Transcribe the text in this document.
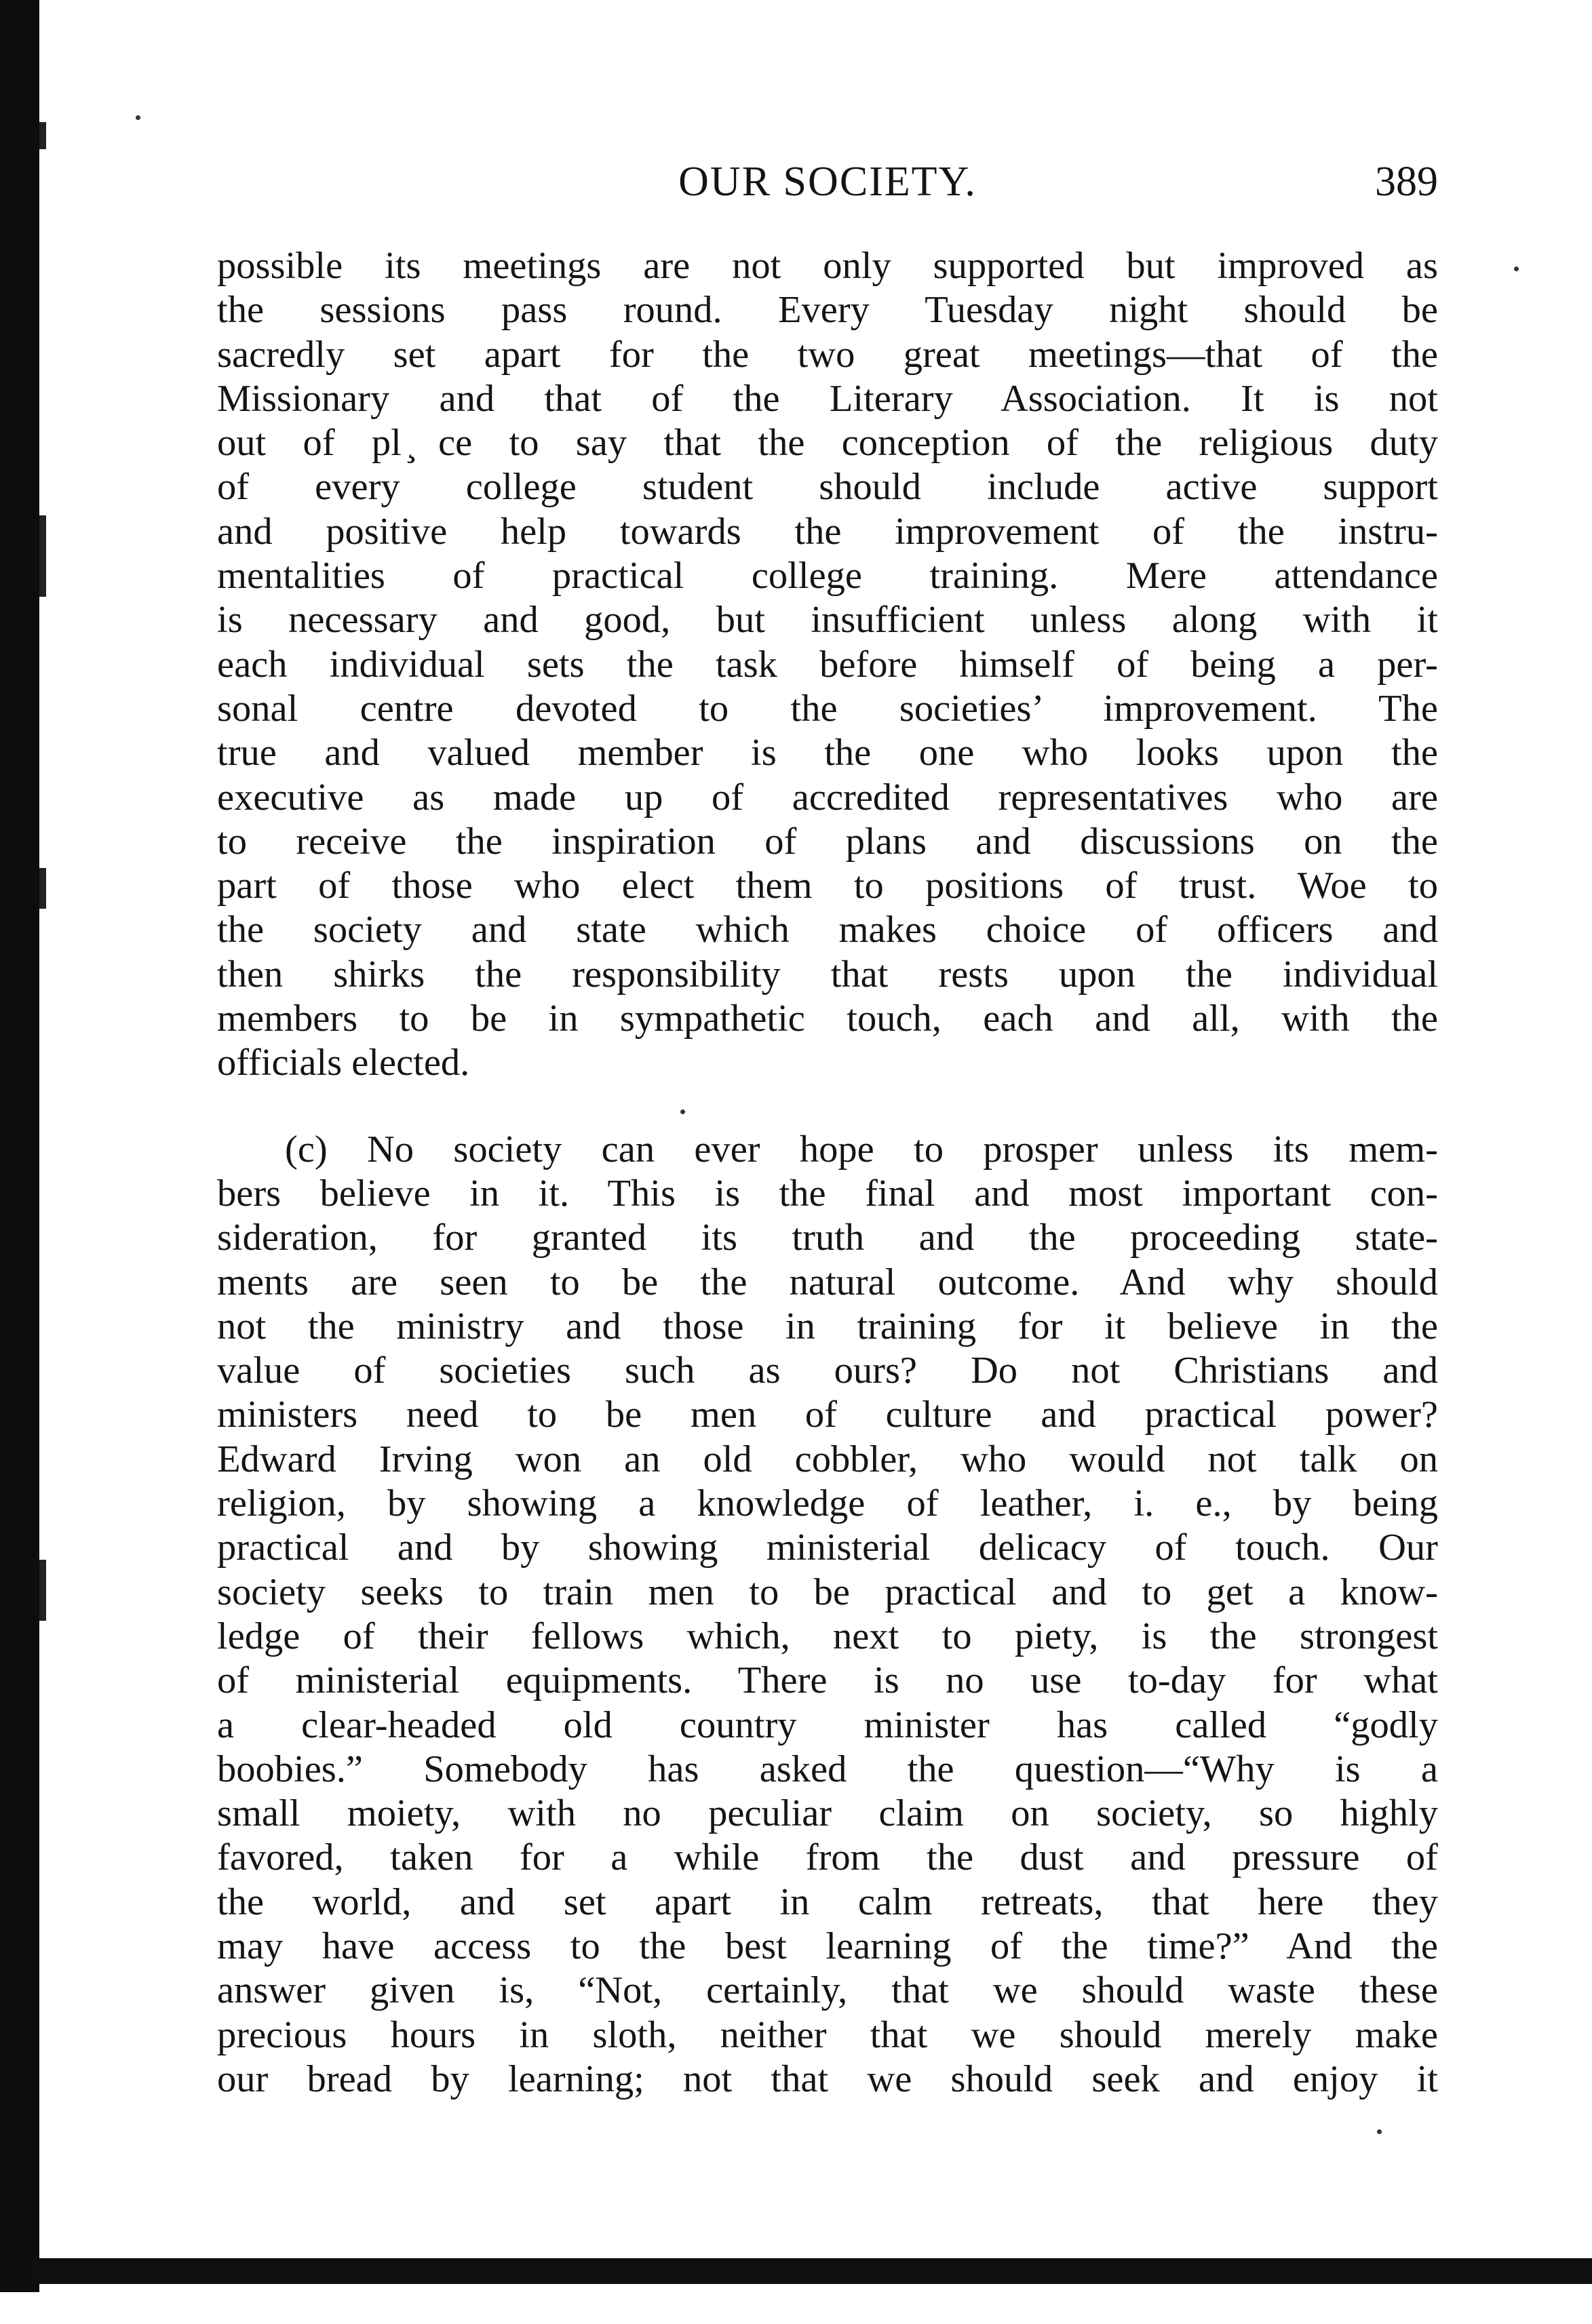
OUR SOCIETY.	389
possible its meetings are not only supported but improved as
the sessions pass round. Every Tuesday night should be
sacredly set apart for the two great meetings—that of the
Missionary and that of the Literary Association. It is not
out of pl ̧ce to say that the conception of the religious duty
of every college student should include active support
and positive help towards the improvement of the instru-
mentalities of practical college training. Mere attendance
is necessary and good, but insufficient unless along with it
each individual sets the task before himself of being a per-
sonal centre devoted to the societies’ improvement. The
true and valued member is the one who looks upon the
executive as made up of accredited representatives who are
to receive the inspiration of plans and discussions on the
part of those who elect them to positions of trust. Woe to
the society and state which makes choice of officers and
then shirks the responsibility that rests upon the individual
members to be in sympathetic touch, each and all, with the
officials elected.
(c) No society can ever hope to prosper unless its mem-
bers believe in it. This is the final and most important con-
sideration, for granted its truth and the proceeding state-
ments are seen to be the natural outcome. And why should
not the ministry and those in training for it believe in the
value of societies such as ours? Do not Christians and
ministers need to be men of culture and practical power?
Edward Irving won an old cobbler, who would not talk on
religion, by showing a knowledge of leather, i. e., by being
practical and by showing ministerial delicacy of touch. Our
society seeks to train men to be practical and to get a know-
ledge of their fellows which, next to piety, is the strongest
of ministerial equipments. There is no use to-day for what
a clear-headed old country minister has called “godly
boobies.” Somebody has asked the question—“Why is a
small moiety, with no peculiar claim on society, so highly
favored, taken for a while from the dust and pressure of
the world, and set apart in calm retreats, that here they
may have access to the best learning of the time?” And the
answer given is, “Not, certainly, that we should waste these
precious hours in sloth, neither that we should merely make
our bread by learning; not that we should seek and enjoy it
